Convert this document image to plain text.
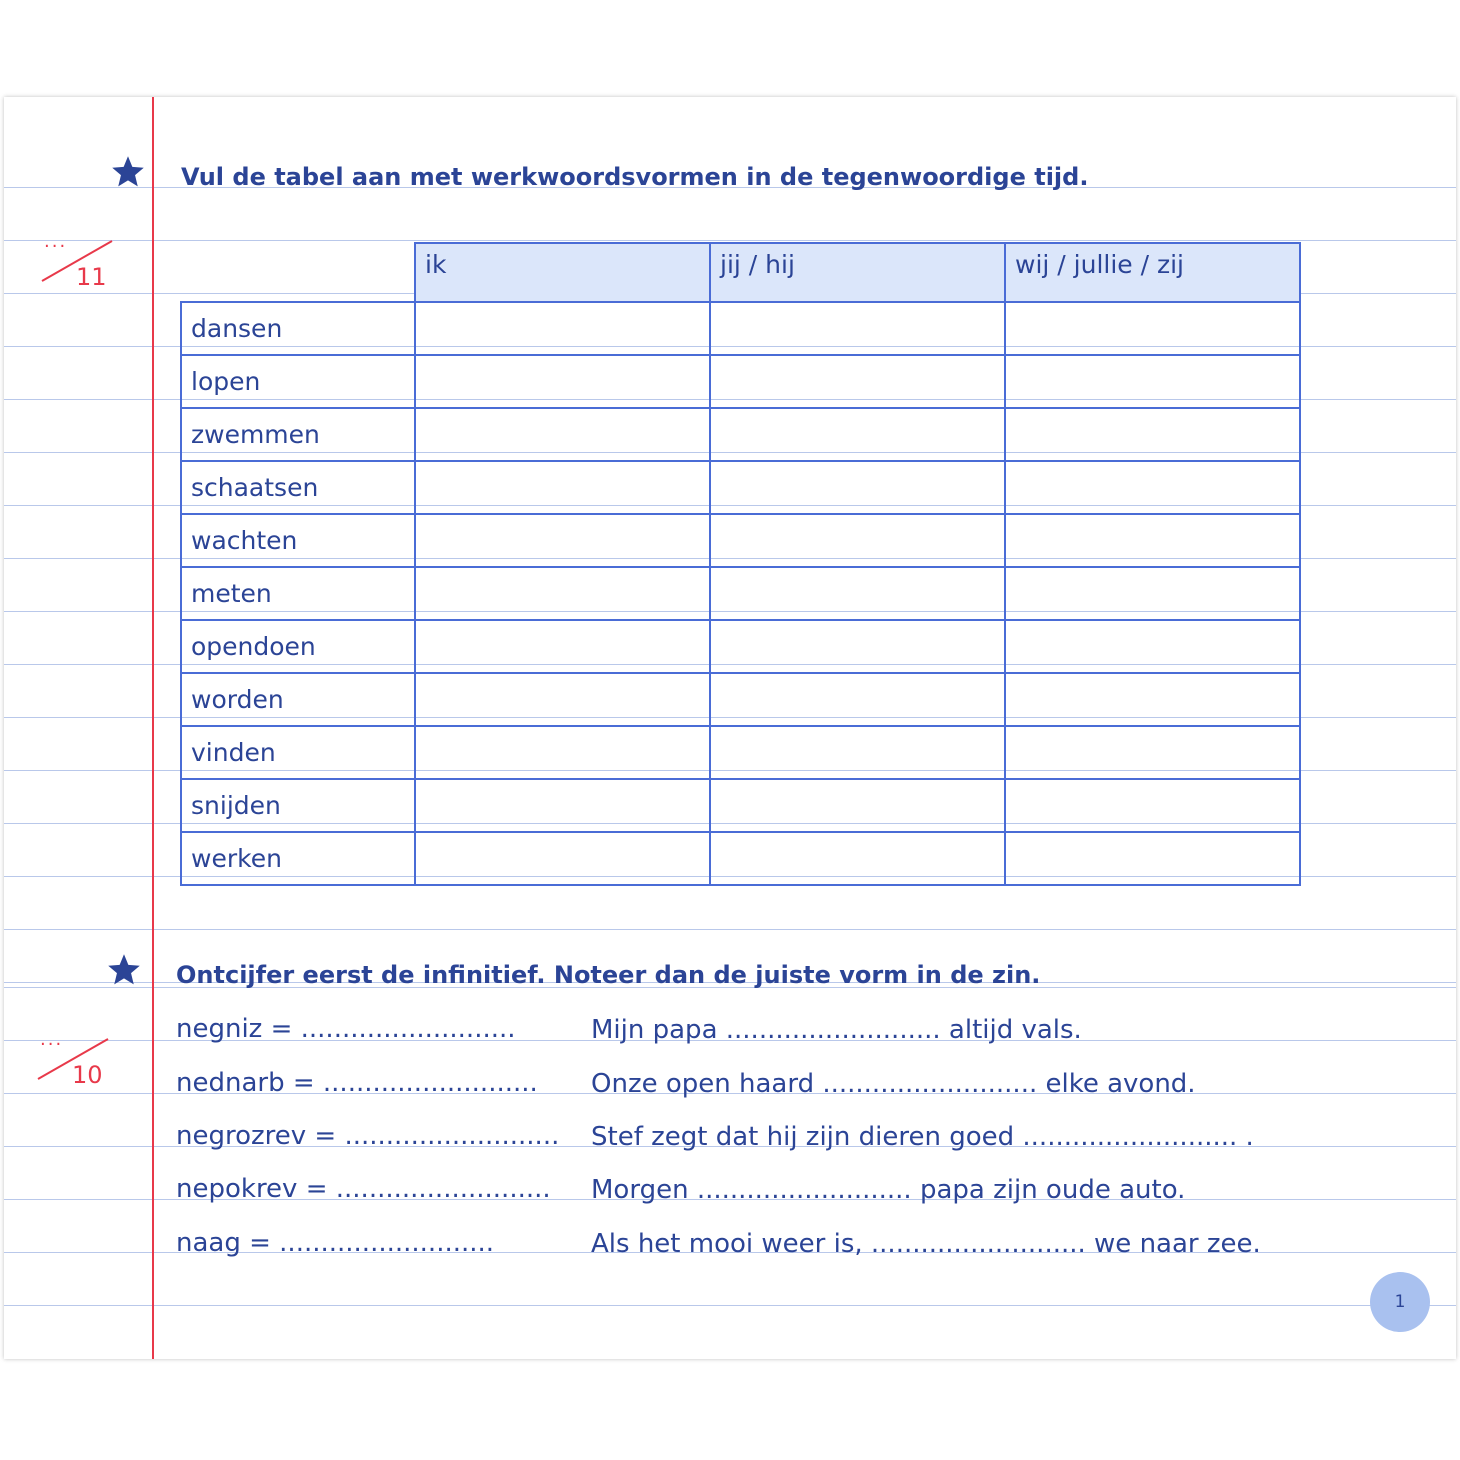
Vul de tabel aan met werkwoordsvormen in de tegenwoordige tijd.
...
11
		ik	jij / hij	wij / jullie / zij
dansen			
lopen			
zwemmen			
schaatsen			
wachten			
meten			
opendoen			
worden			
vinden			
snijden			
werken			
Ontcijfer eerst de infinitief. Noteer dan de juiste vorm in de zin.
...
10
negniz = ..........................	Mijn papa .......................... altijd vals.
nednarb = .......................... Onze open haard .......................... elke avond.
negrozrev = .......................... Stef zegt dat hij zijn dieren goed .......................... .
nepokrev = .......................... Morgen .......................... papa zijn oude auto.
naag = ..........................	Als het mooi weer is, .......................... we naar zee.
1
